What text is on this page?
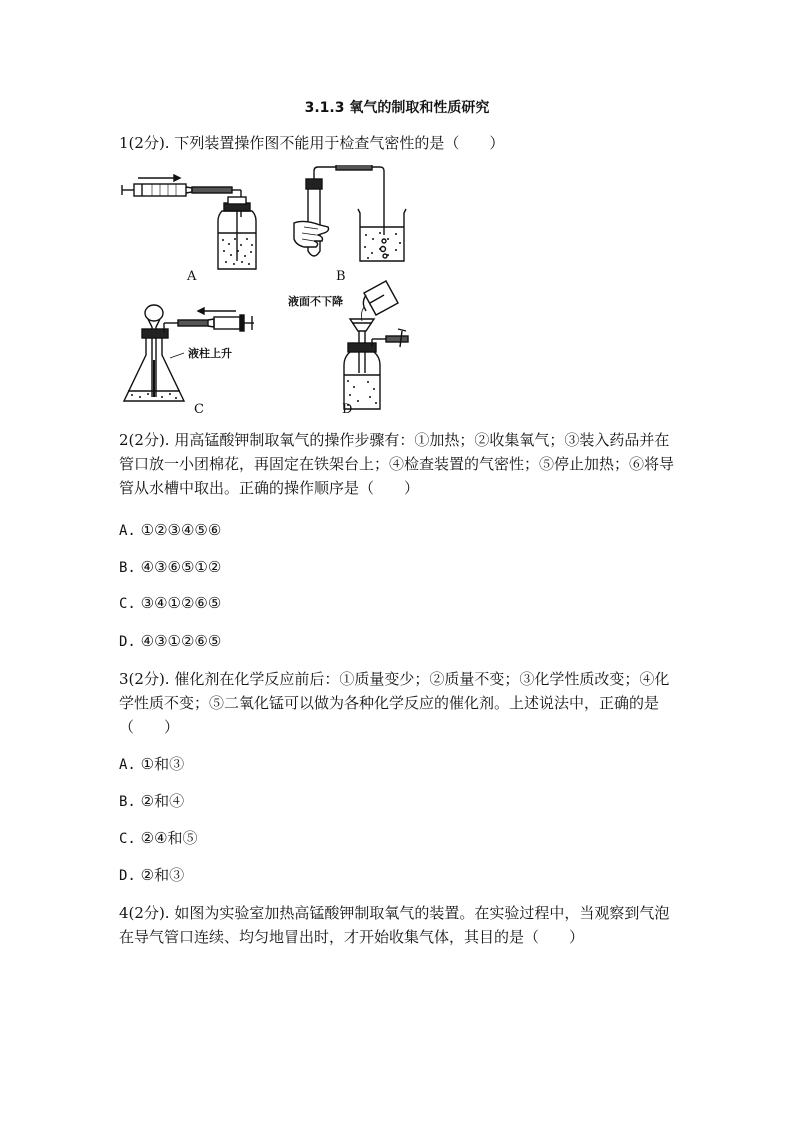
3.1.3 氧气的制取和性质研究
1(2分). 下列装置操作图不能用于检查气密性的是（　　）
A	B
C	D
液柱上升
液面不下降
2(2分). 用高锰酸钾制取氧气的操作步骤有：①加热；②收集氧气；③装入药品并在管口放一小团棉花，再固定在铁架台上；④检查装置的气密性；⑤停止加热；⑥将导管从水槽中取出。正确的操作顺序是（　　）
A. ①②③④⑤⑥
B. ④③⑥⑤①②
C. ③④①②⑥⑤
D. ④③①②⑥⑤
3(2分). 催化剂在化学反应前后：①质量变少；②质量不变；③化学性质改变；④化学性质不变；⑤二氧化锰可以做为各种化学反应的催化剂。上述说法中，正确的是（　　）
A. ①和③
B. ②和④
C. ②④和⑤
D. ②和③
4(2分). 如图为实验室加热高锰酸钾制取氧气的装置。在实验过程中，当观察到气泡在导气管口连续、均匀地冒出时，才开始收集气体，其目的是（　　）
